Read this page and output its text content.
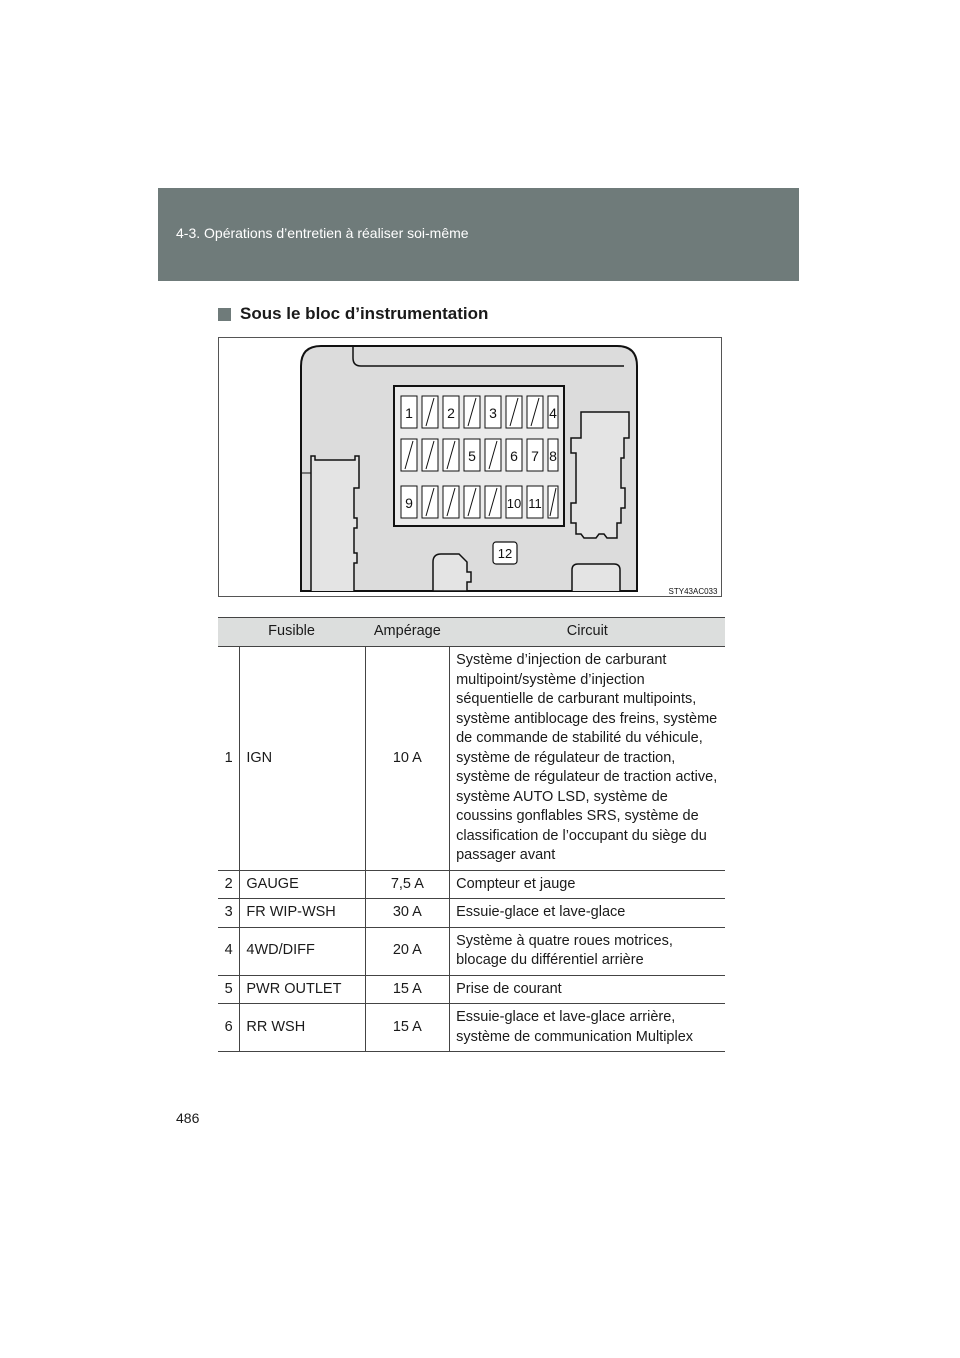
4-3. Opérations d’entretien à réaliser soi-même
Sous le bloc d’instrumentation
1 2 3	4
5 6 7 8
9	10 11
12
STY43AC033
Fusible		Ampérage	Circuit
1	IGN	10 A	Système d’injection de carburant multipoint/système d’injection séquentielle de carburant multipoints, système antiblocage des freins, système de commande de stabilité du véhicule, système de régulateur de traction, système de régulateur de traction active, système AUTO LSD, système de coussins gonflables SRS, système de classification de l’occupant du siège du passager avant
2	GAUGE	7,5 A	Compteur et jauge
3	FR WIP-WSH	30 A	Essuie-glace et lave-glace
4	4WD/DIFF	20 A	Système à quatre roues motrices, blocage du différentiel arrière
5	PWR OUTLET	15 A	Prise de courant
6	RR WSH	15 A	Essuie-glace et lave-glace arrière, système de communication Multiplex
486
